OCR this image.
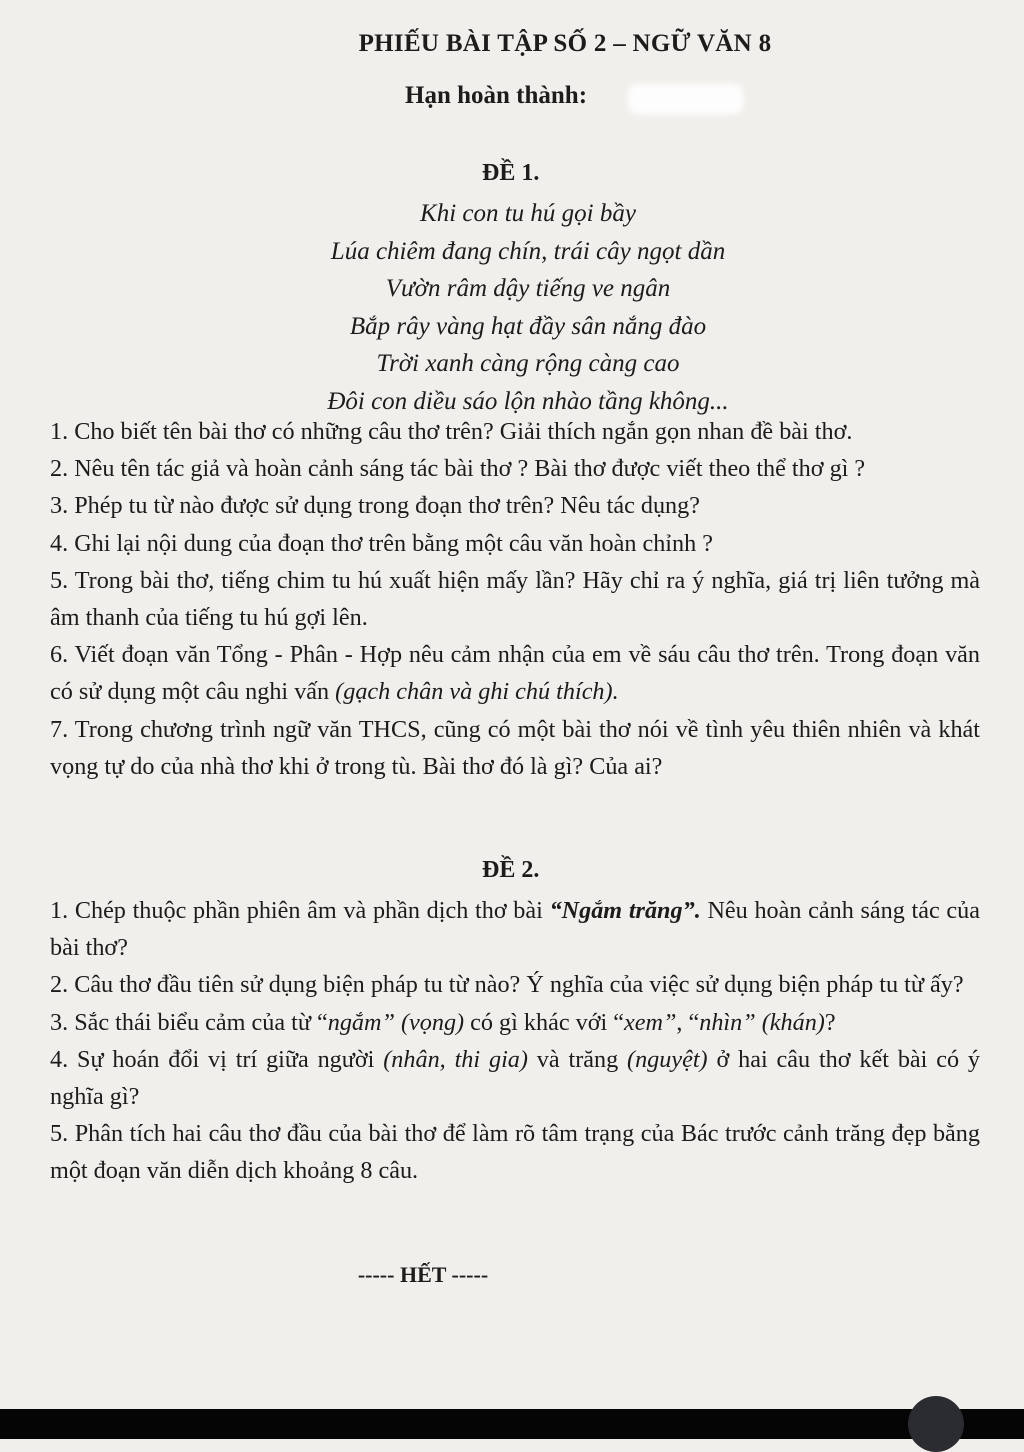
PHIẾU BÀI TẬP SỐ 2 – NGỮ VĂN 8
Hạn hoàn thành:
ĐỀ 1.
Khi con tu hú gọi bầy
Lúa chiêm đang chín, trái cây ngọt dần
Vườn râm dậy tiếng ve ngân
Bắp rây vàng hạt đầy sân nắng đào
Trời xanh càng rộng càng cao
Đôi con diều sáo lộn nhào tầng không...

1. Cho biết tên bài thơ có những câu thơ trên? Giải thích ngắn gọn nhan đề bài thơ.

2. Nêu tên tác giả và hoàn cảnh sáng tác bài thơ ? Bài thơ được viết theo thể thơ gì ?

3. Phép tu từ nào được sử dụng trong đoạn thơ trên? Nêu tác dụng?

4. Ghi lại nội dung của đoạn thơ trên bằng một câu văn hoàn chỉnh ?

5. Trong bài thơ, tiếng chim tu hú xuất hiện mấy lần? Hãy chỉ ra ý nghĩa, giá trị liên tưởng mà âm thanh của tiếng tu hú gợi lên.

6. Viết đoạn văn Tổng - Phân - Hợp nêu cảm nhận của em về sáu câu thơ trên. Trong đoạn văn có sử dụng một câu nghi vấn (gạch chân và ghi chú thích).

7. Trong chương trình ngữ văn THCS, cũng có một bài thơ nói về tình yêu thiên nhiên và khát vọng tự do của nhà thơ khi ở trong tù. Bài thơ đó là gì? Của ai?

ĐỀ 2.

1. Chép thuộc phần phiên âm và phần dịch thơ bài “Ngắm trăng”. Nêu hoàn cảnh sáng tác của bài thơ?

2. Câu thơ đầu tiên sử dụng biện pháp tu từ nào? Ý nghĩa của việc sử dụng biện pháp tu từ ấy?

3. Sắc thái biểu cảm của từ “ngắm” (vọng) có gì khác với “xem”, “nhìn” (khán)?

4. Sự hoán đổi vị trí giữa người (nhân, thi gia) và trăng (nguyệt) ở hai câu thơ kết bài có ý nghĩa gì?

5. Phân tích hai câu thơ đầu của bài thơ để làm rõ tâm trạng của Bác trước cảnh trăng đẹp bằng một đoạn văn diễn dịch khoảng 8 câu.

----- HẾT -----
